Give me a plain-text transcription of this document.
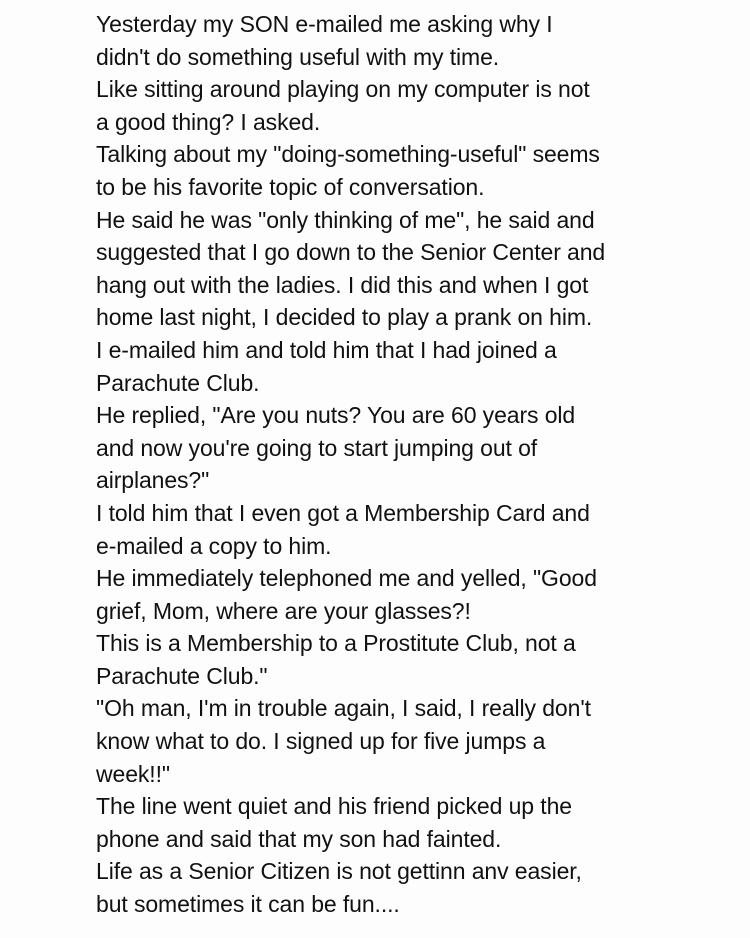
Yesterday my SON e-mailed me asking why I
didn't do something useful with my time.
Like sitting around playing on my computer is not
a good thing? I asked.
Talking about my "doing-something-useful" seems
to be his favorite topic of conversation.
He said he was "only thinking of me", he said and
suggested that I go down to the Senior Center and
hang out with the ladies. I did this and when I got
home last night, I decided to play a prank on him.
I e-mailed him and told him that I had joined a
Parachute Club.
He replied, "Are you nuts? You are 60 years old
and now you're going to start jumping out of
airplanes?"
I told him that I even got a Membership Card and
e-mailed a copy to him.
He immediately telephoned me and yelled, "Good
grief, Mom, where are your glasses?!
This is a Membership to a Prostitute Club, not a
Parachute Club."
"Oh man, I'm in trouble again, I said, I really don't
know what to do. I signed up for five jumps a
week!!"
The line went quiet and his friend picked up the
phone and said that my son had fainted.
Life as a Senior Citizen is not gettinn anv easier,
but sometimes it can be fun....
